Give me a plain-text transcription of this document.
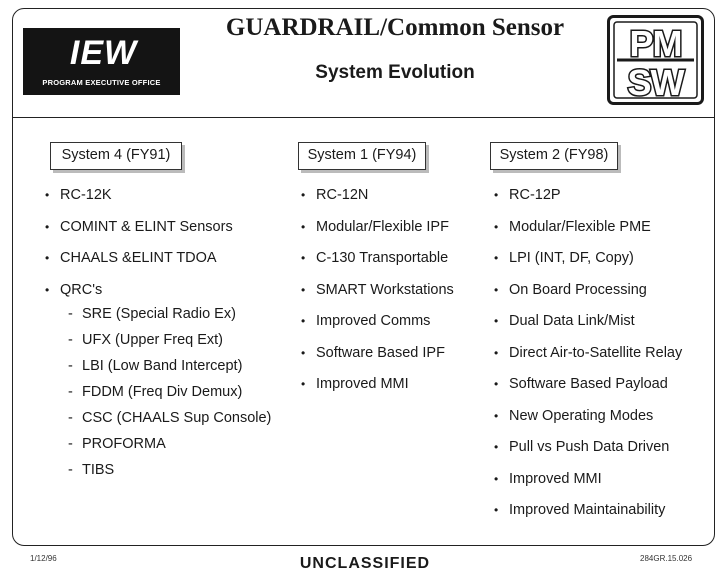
IEW
PROGRAM EXECUTIVE OFFICE
GUARDRAIL/Common Sensor
System Evolution
PM
SW
System 4 (FY91)	System 1 (FY94)	System 2 (FY98)
• RC-12K
• COMINT & ELINT Sensors
• CHAALS &ELINT TDOA
• QRC's
- SRE (Special Radio Ex)
- UFX (Upper Freq Ext)
- LBI (Low Band Intercept)
- FDDM (Freq Div Demux)
- CSC (CHAALS Sup Console)
- PROFORMA
- TIBS
• RC-12N
• Modular/Flexible IPF
• C-130 Transportable
• SMART Workstations
• Improved Comms
• Software Based IPF
• Improved MMI
• RC-12P
• Modular/Flexible PME
• LPI (INT, DF, Copy)
• On Board Processing
• Dual Data Link/Mist
• Direct Air-to-Satellite Relay
• Software Based Payload
• New Operating Modes
• Pull vs Push Data Driven
• Improved MMI
• Improved Maintainability
1/12/96	UNCLASSIFIED	284GR.15.026
